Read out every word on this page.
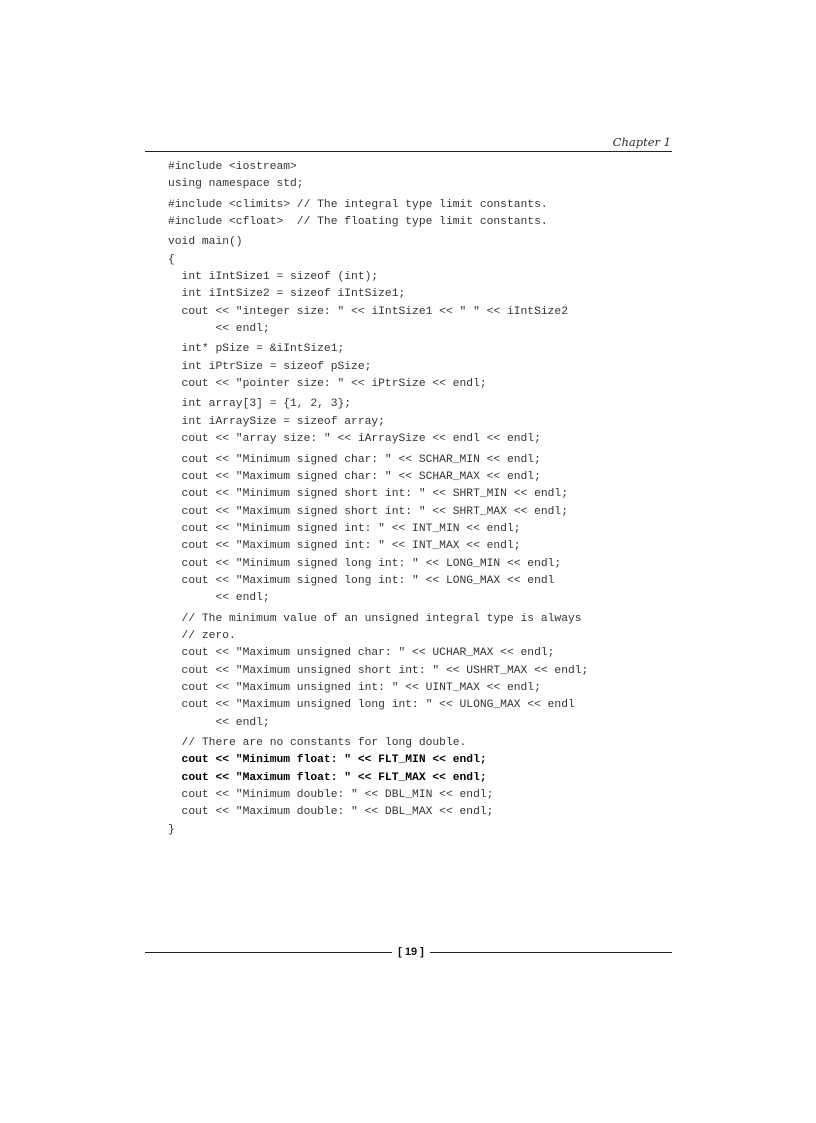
Chapter 1
#include <iostream>
using namespace std;
#include <climits> // The integral type limit constants.
#include <cfloat>  // The floating type limit constants.
void main()
{
int iIntSize1 = sizeof (int);
int iIntSize2 = sizeof iIntSize1;
cout << "integer size: " << iIntSize1 << " " << iIntSize2
<< endl;
int* pSize = &iIntSize1;
int iPtrSize = sizeof pSize;
cout << "pointer size: " << iPtrSize << endl;
int array[3] = {1, 2, 3};
int iArraySize = sizeof array;
cout << "array size: " << iArraySize << endl << endl;
cout << "Minimum signed char: " << SCHAR_MIN << endl;
cout << "Maximum signed char: " << SCHAR_MAX << endl;
cout << "Minimum signed short int: " << SHRT_MIN << endl;
cout << "Maximum signed short int: " << SHRT_MAX << endl;
cout << "Minimum signed int: " << INT_MIN << endl;
cout << "Maximum signed int: " << INT_MAX << endl;
cout << "Minimum signed long int: " << LONG_MIN << endl;
cout << "Maximum signed long int: " << LONG_MAX << endl
<< endl;
// The minimum value of an unsigned integral type is always
// zero.
cout << "Maximum unsigned char: " << UCHAR_MAX << endl;
cout << "Maximum unsigned short int: " << USHRT_MAX << endl;
cout << "Maximum unsigned int: " << UINT_MAX << endl;
cout << "Maximum unsigned long int: " << ULONG_MAX << endl
<< endl;
// There are no constants for long double.
cout << "Minimum float: " << FLT_MIN << endl;
cout << "Maximum float: " << FLT_MAX << endl;
cout << "Minimum double: " << DBL_MIN << endl;
cout << "Maximum double: " << DBL_MAX << endl;
}
[ 19 ]
